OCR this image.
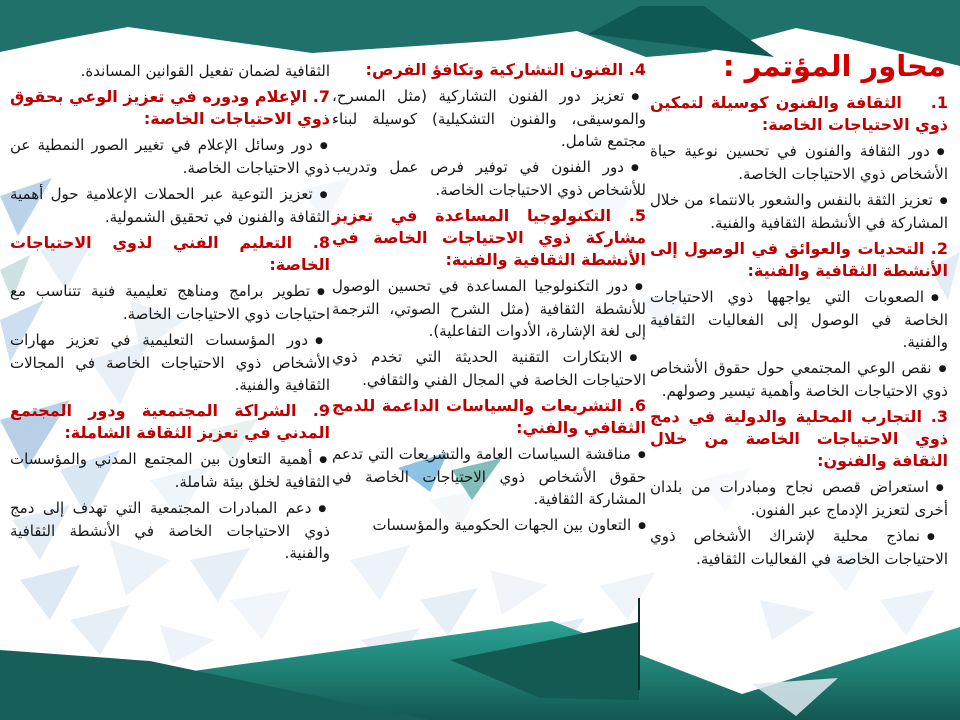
محاور المؤتمر :
1.    الثقافة والفنون كوسيلة لتمكين ذوي الاحتياجات الخاصة:
●دور الثقافة والفنون في تحسين نوعية حياة الأشخاص ذوي الاحتياجات الخاصة.
●تعزيز الثقة بالنفس والشعور بالانتماء من خلال المشاركة في الأنشطة الثقافية والفنية.
2. التحديات والعوائق في الوصول إلى الأنشطة الثقافية والفنية:
●الصعوبات التي يواجهها ذوي الاحتياجات الخاصة في الوصول إلى الفعاليات الثقافية والفنية.
●نقص الوعي المجتمعي حول حقوق الأشخاص ذوي الاحتياجات الخاصة وأهمية تيسير وصولهم.
3. التجارب المحلية والدولية في دمج ذوي الاحتياجات الخاصة من خلال الثقافة والفنون:
●استعراض قصص نجاح ومبادرات من بلدان أخرى لتعزيز الإدماج عبر الفنون.
●نماذج محلية لإشراك الأشخاص ذوي الاحتياجات الخاصة في الفعاليات الثقافية.
4. الفنون التشاركية وتكافؤ الفرص:
●تعزيز دور الفنون التشاركية (مثل المسرح، والموسيقى، والفنون التشكيلية) كوسيلة لبناء مجتمع شامل.
●دور الفنون في توفير فرص عمل وتدريب للأشخاص ذوي الاحتياجات الخاصة.
5. التكنولوجيا المساعدة في تعزيز مشاركة ذوي الاحتياجات الخاصة في الأنشطة الثقافية والفنية:
●دور التكنولوجيا المساعدة في تحسين الوصول للأنشطة الثقافية (مثل الشرح الصوتي، الترجمة إلى لغة الإشارة، الأدوات التفاعلية).
●الابتكارات التقنية الحديثة التي تخدم ذوي الاحتياجات الخاصة في المجال الفني والثقافي.
6. التشريعات والسياسات الداعمة للدمج الثقافي والفني:
●مناقشة السياسات العامة والتشريعات التي تدعم حقوق الأشخاص ذوي الاحتياجات الخاصة في المشاركة الثقافية.
●التعاون بين الجهات الحكومية والمؤسسات
الثقافية لضمان تفعيل القوانين المساندة.
7. الإعلام ودوره في تعزيز الوعي بحقوق ذوي الاحتياجات الخاصة:
●دور وسائل الإعلام في تغيير الصور النمطية عن ذوي الاحتياجات الخاصة.
●تعزيز التوعية عبر الحملات الإعلامية حول أهمية الثقافة والفنون في تحقيق الشمولية.
8. التعليم الفني لذوي الاحتياجات الخاصة:
●تطوير برامج ومناهج تعليمية فنية تتناسب مع احتياجات ذوي الاحتياجات الخاصة.
●دور المؤسسات التعليمية في تعزيز مهارات الأشخاص ذوي الاحتياجات الخاصة في المجالات الثقافية والفنية.
9. الشراكة المجتمعية ودور المجتمع المدني في تعزيز الثقافة الشاملة:
●أهمية التعاون بين المجتمع المدني والمؤسسات الثقافية لخلق بيئة شاملة.
●دعم المبادرات المجتمعية التي تهدف إلى دمج ذوي الاحتياجات الخاصة في الأنشطة الثقافية والفنية.
